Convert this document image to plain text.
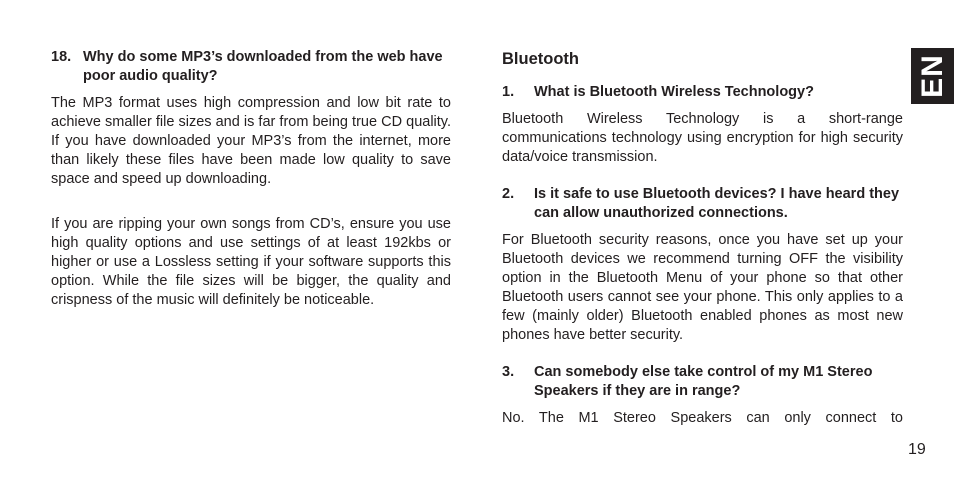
18. Why do some MP3’s downloaded from the web have poor audio quality?

The MP3 format uses high compression and low bit rate to achieve smaller file sizes and is far from being true CD quality. If you have downloaded your MP3’s from the internet, more than likely these files have been made low quality to save space and speed up downloading.

If you are ripping your own songs from CD’s, ensure you use high quality options and use settings of at least 192kbs or higher or use a Lossless setting if your software supports this option. While the file sizes will be bigger, the quality and crispness of the music will definitely be noticeable.

Bluetooth
1.	What is Bluetooth Wireless Technology?

Bluetooth Wireless Technology is a short-range communications technology using encryption for high security data/voice transmission.

2.	Is it safe to use Bluetooth devices? I have heard they can allow unauthorized connections.

For Bluetooth security reasons, once you have set up your Bluetooth devices we recommend turning OFF the visibility option in the Bluetooth Menu of your phone so that other Bluetooth users cannot see your phone. This only applies to a few (mainly older) Bluetooth enabled phones as most new phones have better security.

3.	Can somebody else take control of my M1 Stereo Speakers if they are in range?

No. The M1 Stereo Speakers can only connect to

EN
19
